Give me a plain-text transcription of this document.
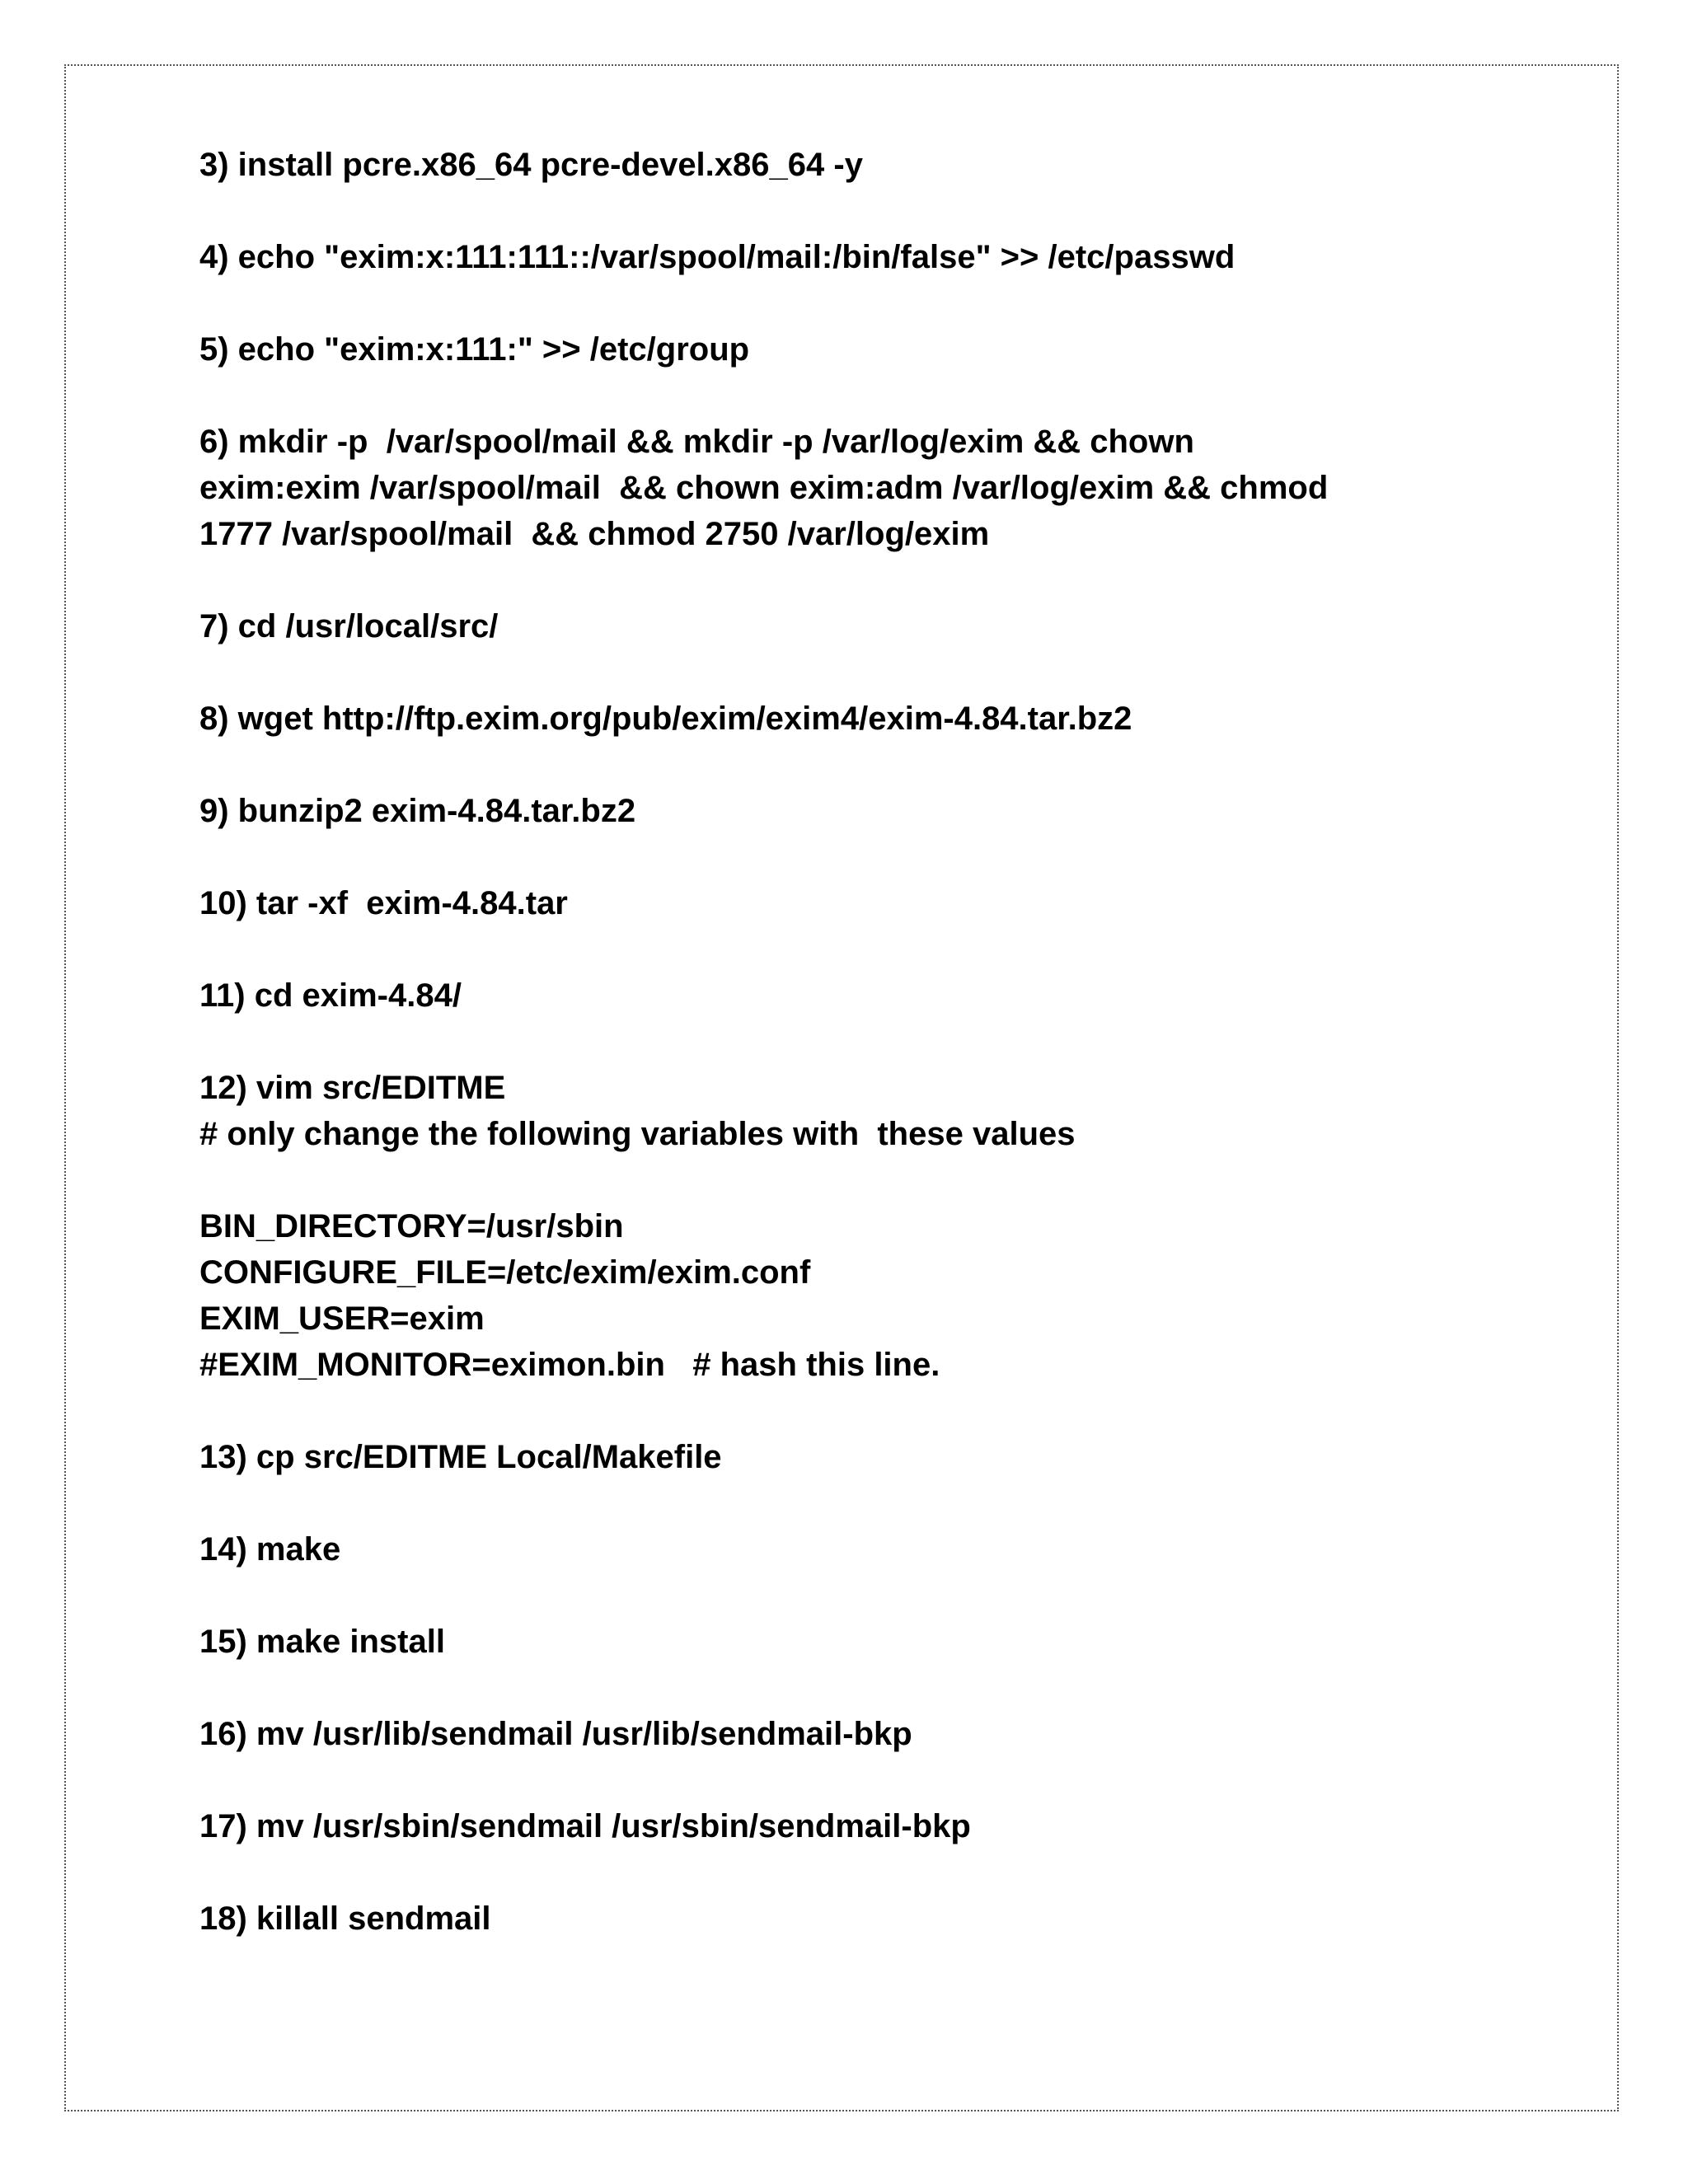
3) install pcre.x86_64 pcre-devel.x86_64 -y
4) echo "exim:x:111:111::/var/spool/mail:/bin/false" >> /etc/passwd
5) echo "exim:x:111:" >> /etc/group
6) mkdir -p  /var/spool/mail && mkdir -p /var/log/exim && chown
exim:exim /var/spool/mail  && chown exim:adm /var/log/exim && chmod
1777 /var/spool/mail  && chmod 2750 /var/log/exim
7) cd /usr/local/src/
8) wget http://ftp.exim.org/pub/exim/exim4/exim-4.84.tar.bz2
9) bunzip2 exim-4.84.tar.bz2
10) tar -xf  exim-4.84.tar
11) cd exim-4.84/
12) vim src/EDITME
# only change the following variables with  these values
BIN_DIRECTORY=/usr/sbin
CONFIGURE_FILE=/etc/exim/exim.conf
EXIM_USER=exim
#EXIM_MONITOR=eximon.bin   # hash this line.
13) cp src/EDITME Local/Makefile
14) make
15) make install
16) mv /usr/lib/sendmail /usr/lib/sendmail-bkp
17) mv /usr/sbin/sendmail /usr/sbin/sendmail-bkp
18) killall sendmail
